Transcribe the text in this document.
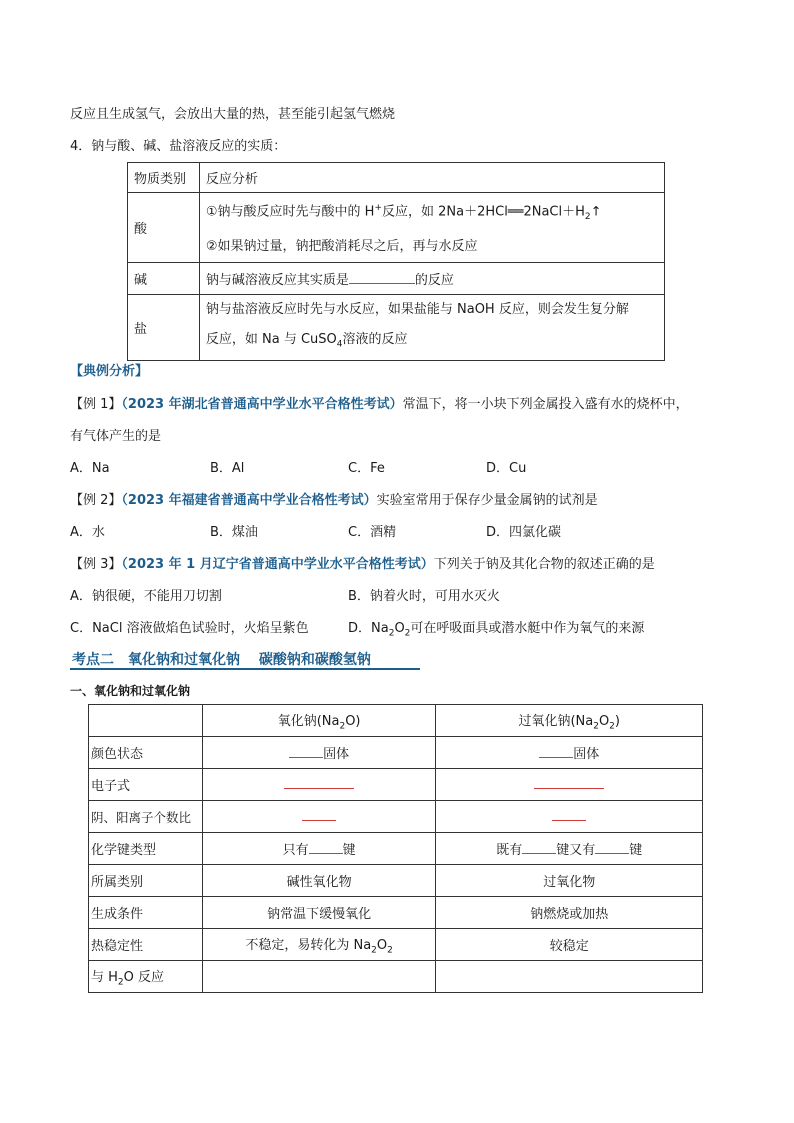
反应且生成氢气，会放出大量的热，甚至能引起氢气燃烧
4．钠与酸、碱、盐溶液反应的实质：
物质类别	反应分析
酸	①钠与酸反应时先与酸中的 H+反应，如 $2Na+2HCl══2NaCl+H_2↑$
②如果钠过量，钠把酸消耗尽之后，再与水反应

碱	钠与碱溶液反应其实质是 的反应
盐	钠与盐溶液反应时先与水反应，如果盐能与 NaOH 反应，则会发生复分解
反应，如 Na 与 CuSO$_4$溶液的反应
【典例分析】
【例 1】（2023 年湖北省普通高中学业水平合格性考试）常温下，将一小块下列金属投入盛有水的烧杯中，
有气体产生的是
A．Na	B．Al	C．Fe	D．Cu
【例 2】（2023 年福建省普通高中学业合格性考试）实验室常用于保存少量金属钠的试剂是
A．水	B．煤油	C．酒精	D．四氯化碳
【例 3】（2023 年 1 月辽宁省普通高中学业水平合格性考试）下列关于钠及其化合物的叙述正确的是
A．钠很硬，不能用刀切割	B．钠着火时，可用水灭火
C．NaCl 溶液做焰色试验时，火焰呈紫色	D．$Na_2O_2$可在呼吸面具或潜水艇中作为氧气的来源
考点二　氧化钠和过氧化钠　 碳酸钠和碳酸氢钠
一、氧化钠和过氧化钠
	氧化钠$(Na_2O)$	过氧化钠$(Na_2O_2)$
颜色状态	固体	固体
电子式		
阴、阳离子个数比		
化学键类型	只有 键	既有 键又有 键
所属类别	碱性氧化物	过氧化物
生成条件	钠常温下缓慢氧化	钠燃烧或加热
热稳定性	不稳定，易转化为 $Na_2O_2$	较稳定
与 $H_2O$ 反应		
